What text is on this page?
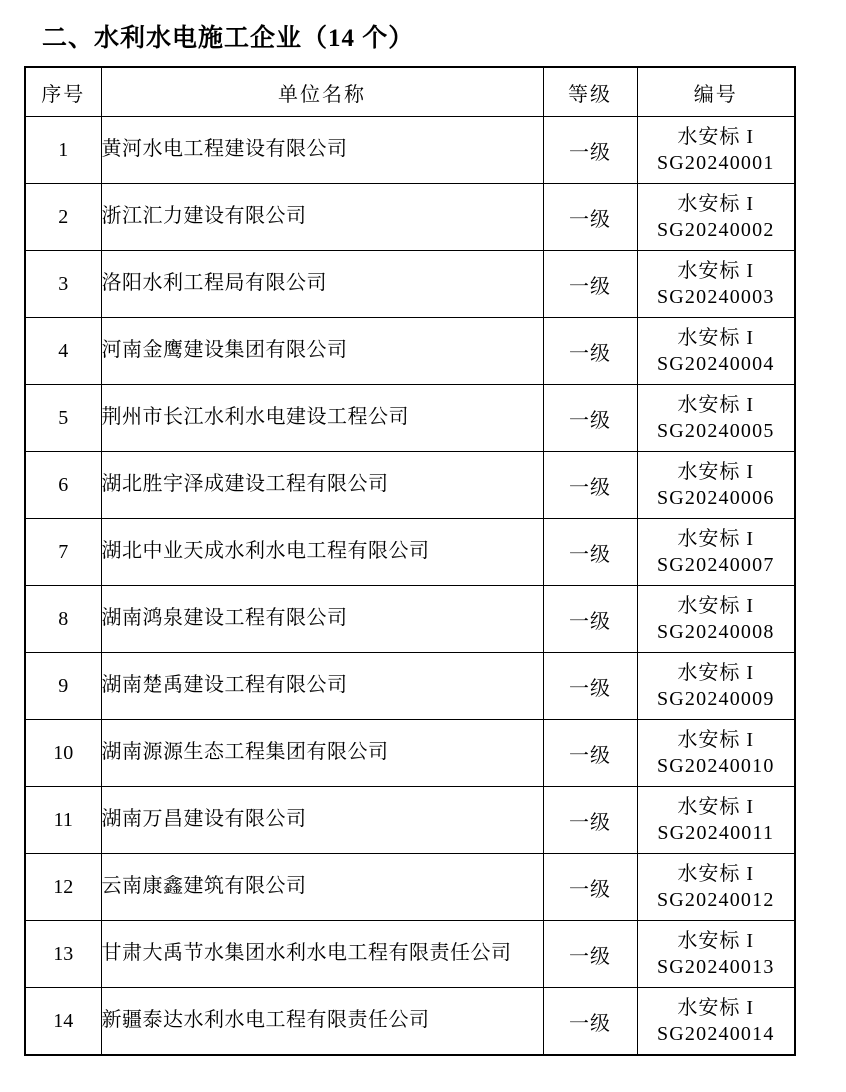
二、水利水电施工企业（14 个）
序号	单位名称	等级	编号
1	黄河水电工程建设有限公司	一级	水安标 I
SG20240001

2	浙江汇力建设有限公司	一级	水安标 I
SG20240002

3	洛阳水利工程局有限公司	一级	水安标 I
SG20240003

4	河南金鹰建设集团有限公司	一级	水安标 I
SG20240004

5	荆州市长江水利水电建设工程公司	一级	水安标 I
SG20240005

6	湖北胜宇泽成建设工程有限公司	一级	水安标 I
SG20240006

7	湖北中业天成水利水电工程有限公司	一级	水安标 I
SG20240007

8	湖南鸿泉建设工程有限公司	一级	水安标 I
SG20240008

9	湖南楚禹建设工程有限公司	一级	水安标 I
SG20240009

10	湖南源源生态工程集团有限公司	一级	水安标 I
SG20240010

11	湖南万昌建设有限公司	一级	水安标 I
SG20240011

12	云南康鑫建筑有限公司	一级	水安标 I
SG20240012

13	甘肃大禹节水集团水利水电工程有限责任公司	一级	水安标 I
SG20240013

14	新疆泰达水利水电工程有限责任公司	一级	水安标 I
SG20240014
